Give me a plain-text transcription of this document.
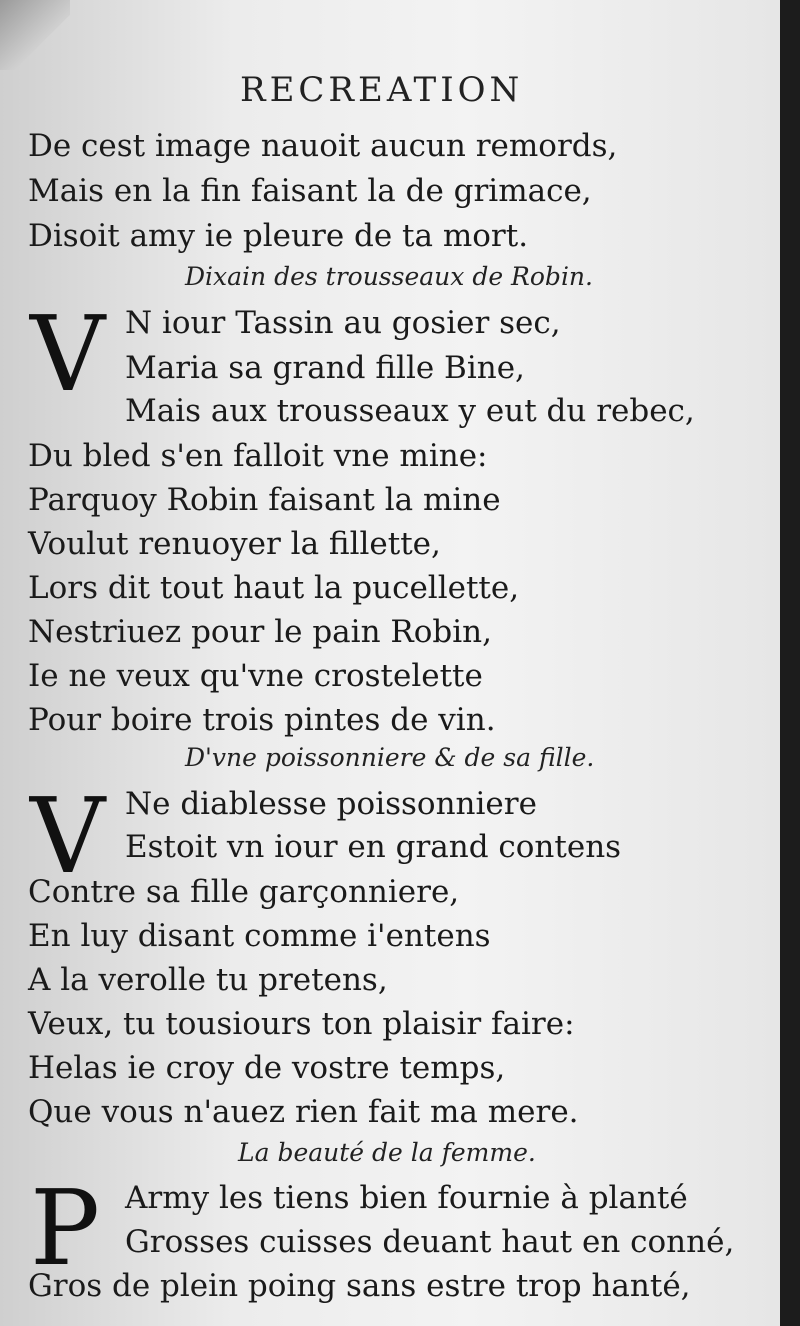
RECREATION
De cest image nauoit aucun remords,
Mais en la fin faisant la de grimace,
Disoit amy ie pleure de ta mort.
Dixain des trousseaux de Robin.
V N iour Tassin au gosier sec,
Maria sa grand fille Bine,
Mais aux trousseaux y eut du rebec,
Du bled s'en falloit vne mine:
Parquoy Robin faisant la mine
Voulut renuoyer la fillette,
Lors dit tout haut la pucellette,
Nestriuez pour le pain Robin,
Ie ne veux qu'vne crostelette
Pour boire trois pintes de vin.
D'vne poissonniere & de sa fille.
V Ne diablesse poissonniere
Estoit vn iour en grand contens
Contre sa fille garçonniere,
En luy disant comme i'entens
A la verolle tu pretens,
Veux, tu tousiours ton plaisir faire:
Helas ie croy de vostre temps,
Que vous n'auez rien fait ma mere.
La beauté de la femme.
P Army les tiens bien fournie à planté
Grosses cuisses deuant haut en conné,
Gros de plein poing sans estre trop hanté,
